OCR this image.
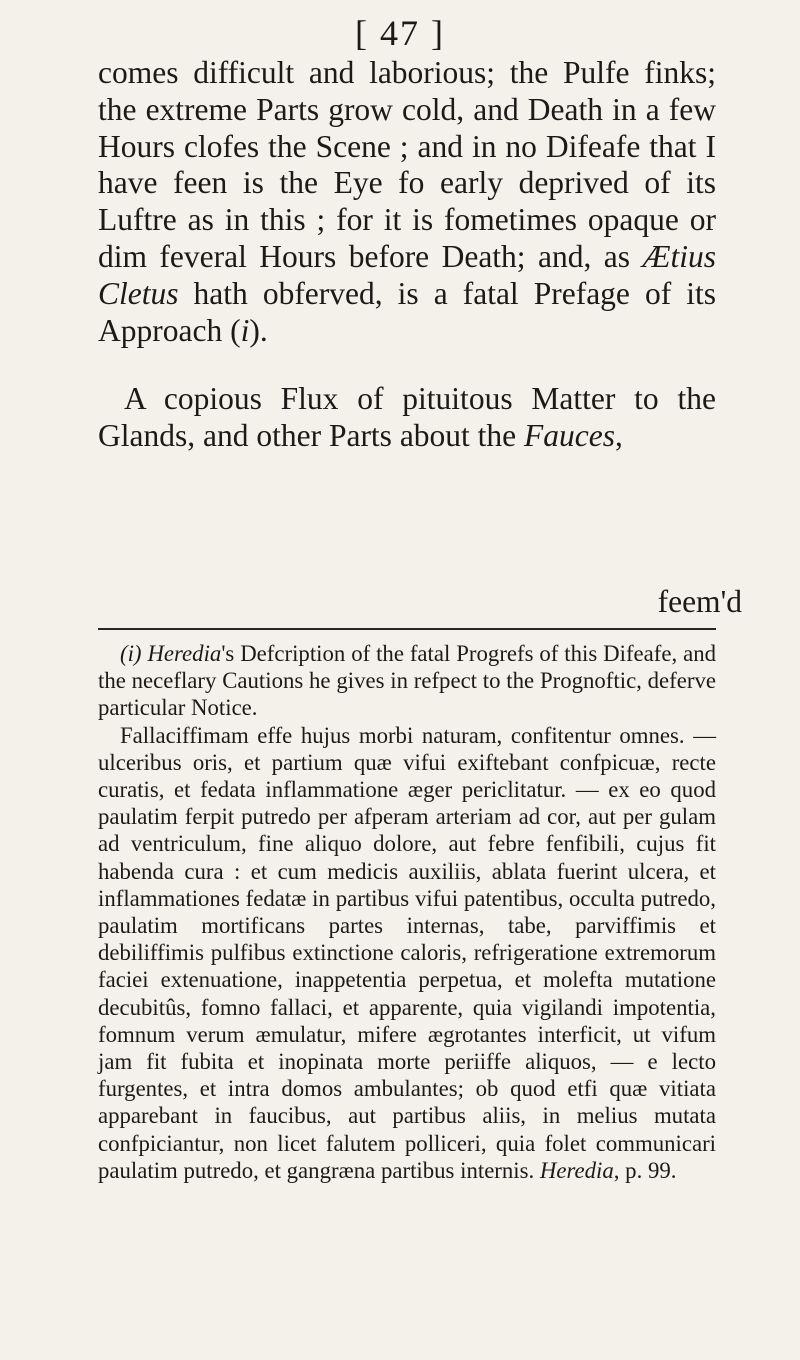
[ 47 ]

comes difficult and laborious; the Pulfe finks; the extreme Parts grow cold, and Death in a few Hours clofes the Scene ; and in no Difeafe that I have feen is the Eye fo early deprived of its Luftre as in this ; for it is fometimes opaque or dim feveral Hours before Death; and, as Ætius Cletus hath obferved, is a fatal Prefage of its Approach (i).

A copious Flux of pituitous Matter to the Glands, and other Parts about the Fauces,

feem'd

(i) Heredia's Defcription of the fatal Progrefs of this Difeafe, and the neceflary Cautions he gives in refpect to the Prognoftic, deferve particular Notice.

Fallaciffimam effe hujus morbi naturam, confitentur omnes. —ulceribus oris, et partium quæ vifui exiftebant confpicuæ, recte curatis, et fedata inflammatione æger periclitatur. — ex eo quod paulatim ferpit putredo per afperam arteriam ad cor, aut per gulam ad ventriculum, fine aliquo dolore, aut febre fenfibili, cujus fit habenda cura : et cum medicis auxiliis, ablata fuerint ulcera, et inflammationes fedatæ in partibus vifui patentibus, occulta putredo, paulatim mortificans partes internas, tabe, parviffimis et debiliffimis pulfibus extinctione caloris, refrigeratione extremorum faciei extenuatione, inappetentia perpetua, et molefta mutatione decubitûs, fomno fallaci, et apparente, quia vigilandi impotentia, fomnum verum æmulatur, mifere ægrotantes interficit, ut vifum jam fit fubita et inopinata morte periiffe aliquos, — e lecto furgentes, et intra domos ambulantes; ob quod etfi quæ vitiata apparebant in faucibus, aut partibus aliis, in melius mutata confpiciantur, non licet falutem polliceri, quia folet communicari paulatim putredo, et gangræna partibus internis. Heredia, p. 99.
